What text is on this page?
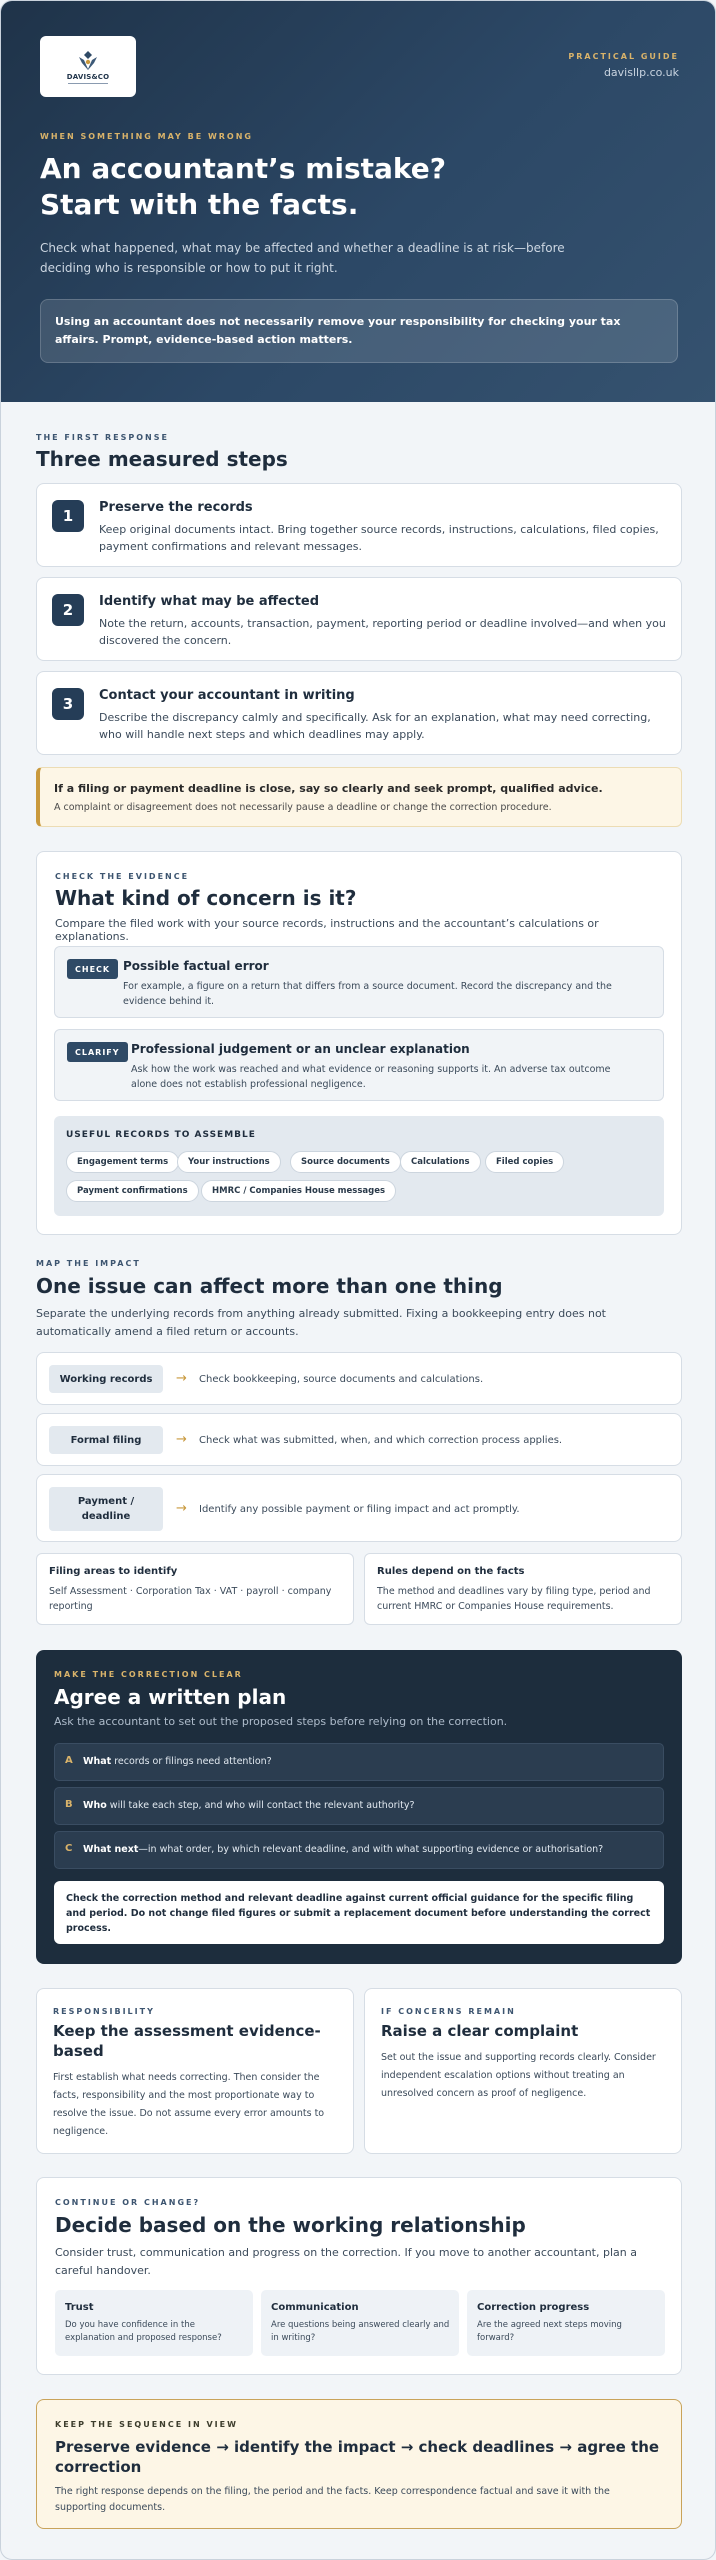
DAVIS&CO
PRACTICAL GUIDE
davisllp.co.uk
WHEN SOMETHING MAY BE WRONG
An accountant’s mistake?
Start with the facts.
Check what happened, what may be affected and whether a deadline is at risk—before deciding who is responsible or how to put it right.
Using an accountant does not necessarily remove your responsibility for checking your tax affairs. Prompt, evidence-based action matters.
THE FIRST RESPONSE
Three measured steps
1	Preserve the records
Keep original documents intact. Bring together source records, instructions, calculations, filed copies, payment confirmations and relevant messages.
2	Identify what may be affected
Note the return, accounts, transaction, payment, reporting period or deadline involved—and when you discovered the concern.
3	Contact your accountant in writing
Describe the discrepancy calmly and specifically. Ask for an explanation, what may need correcting, who will handle next steps and which deadlines may apply.
If a filing or payment deadline is close, say so clearly and seek prompt, qualified advice.
A complaint or disagreement does not necessarily pause a deadline or change the correction procedure.
CHECK THE EVIDENCE
What kind of concern is it?
Compare the filed work with your source records, instructions and the accountant’s calculations or explanations.
CHECK	Possible factual error
For example, a figure on a return that differs from a source document. Record the discrepancy and the evidence behind it.
CLARIFY Professional judgement or an unclear explanation
Ask how the work was reached and what evidence or reasoning supports it. An adverse tax outcome alone does not establish professional negligence.
USEFUL RECORDS TO ASSEMBLE
Engagement terms	Your instructions	Source documents	Calculations	Filed copies
Payment confirmations	HMRC / Companies House messages
MAP THE IMPACT
One issue can affect more than one thing
Separate the underlying records from anything already submitted. Fixing a bookkeeping entry does not automatically amend a filed return or accounts.
Working records	→ Check bookkeeping, source documents and calculations.
Formal filing	→ Check what was submitted, when, and which correction process applies.
Payment / deadline
→ Identify any possible payment or filing impact and act promptly.
Filing areas to identify
Self Assessment · Corporation Tax · VAT · payroll · company reporting
Rules depend on the facts
The method and deadlines vary by filing type, period and current HMRC or Companies House requirements.
MAKE THE CORRECTION CLEAR
Agree a written plan
Ask the accountant to set out the proposed steps before relying on the correction.
A What records or filings need attention?
B Who will take each step, and who will contact the relevant authority?
C What next—in what order, by which relevant deadline, and with what supporting evidence or authorisation?
Check the correction method and relevant deadline against current official guidance for the specific filing and period. Do not change filed figures or submit a replacement document before understanding the correct process.
RESPONSIBILITY
Keep the assessment evidence-based
First establish what needs correcting. Then consider the facts, responsibility and the most proportionate way to resolve the issue. Do not assume every error amounts to negligence.
IF CONCERNS REMAIN
Raise a clear complaint
Set out the issue and supporting records clearly. Consider independent escalation options without treating an unresolved concern as proof of negligence.
CONTINUE OR CHANGE?
Decide based on the working relationship
Consider trust, communication and progress on the correction. If you move to another accountant, plan a careful handover.
Trust
Do you have confidence in the explanation and proposed response?
Communication
Are questions being answered clearly and in writing?
Correction progress
Are the agreed next steps moving forward?
KEEP THE SEQUENCE IN VIEW
Preserve evidence → identify the impact → check deadlines → agree the correction
The right response depends on the filing, the period and the facts. Keep correspondence factual and save it with the supporting documents.
